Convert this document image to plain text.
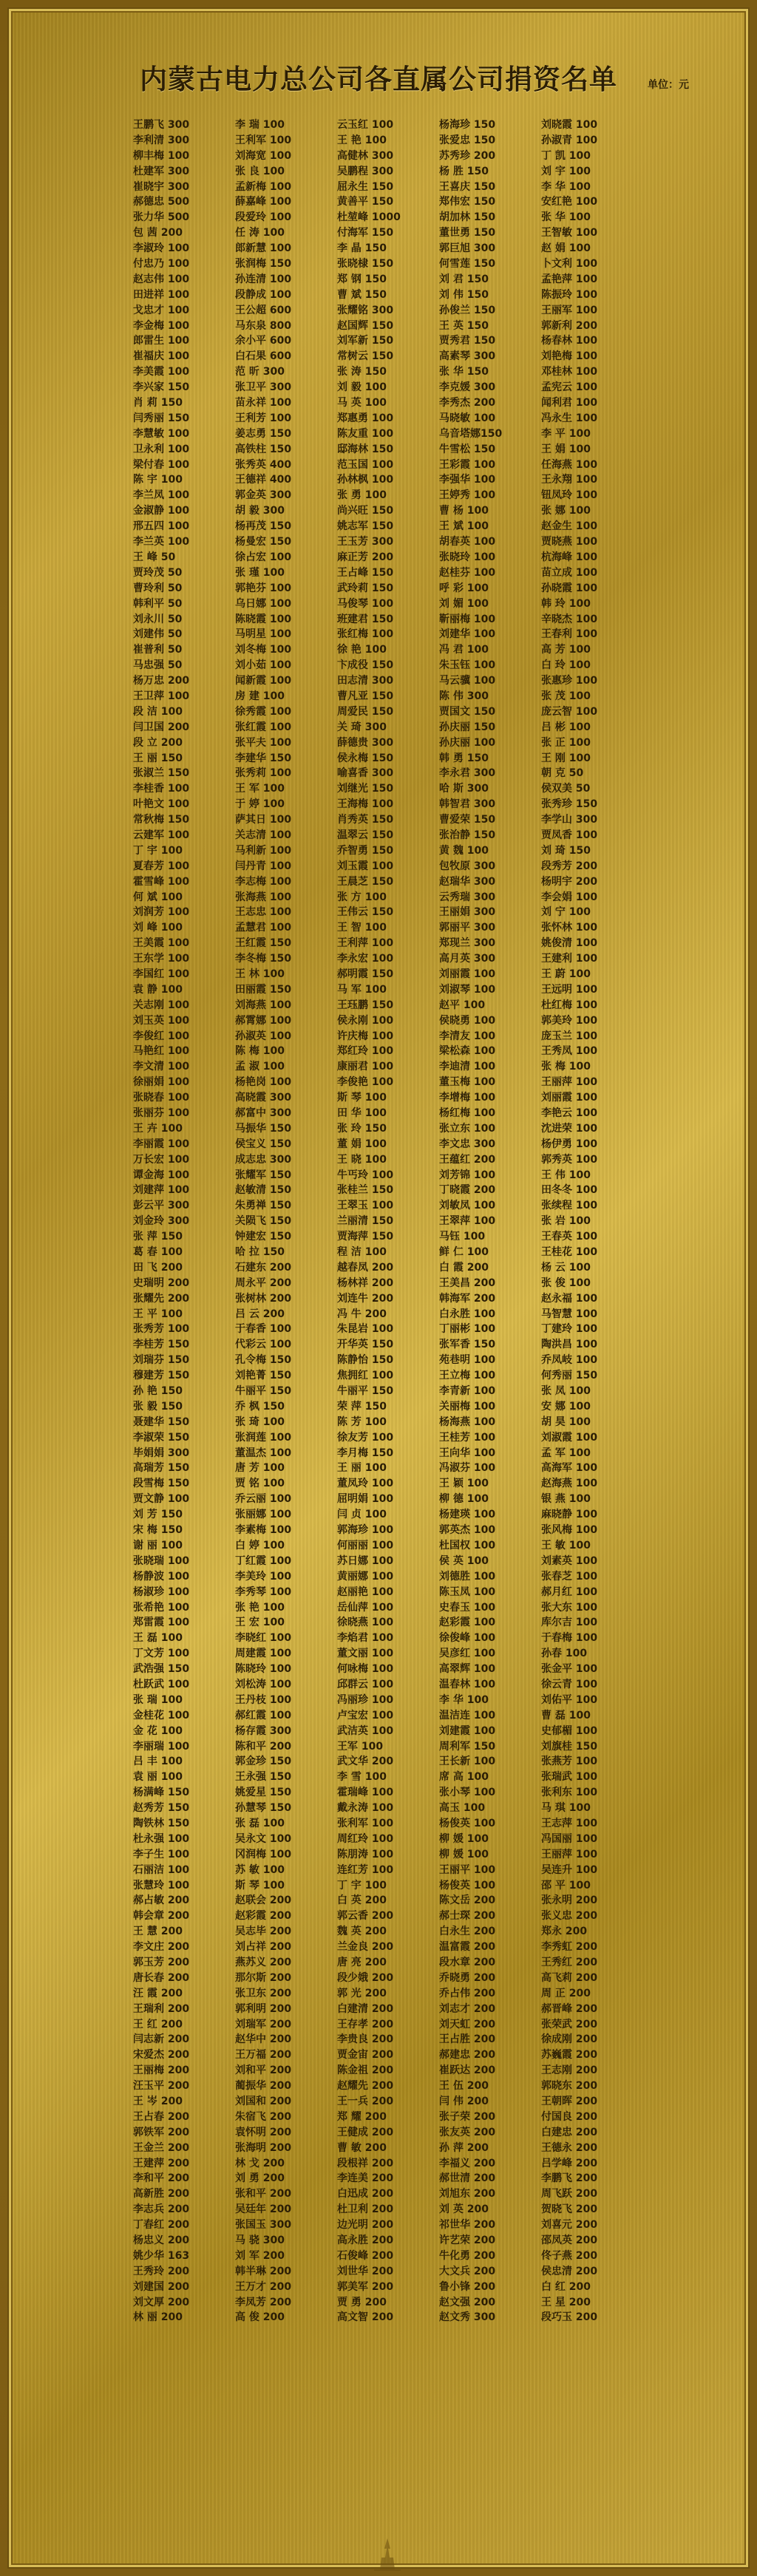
内蒙古电力总公司各直属公司捐资名单	单位：元
王鹏飞 300	李 瑞 100	云玉红 100	杨海珍 150	刘晓霞 100
李利清 300	王利军 100	王 艳 100	张爱忠 150	孙淑青 100
柳丰梅 100	刘海宽 100	高健林 300	苏秀珍 200	丁 凯 100
杜建军 300	张 良 100	吴鹏程 300	杨 胜 150	刘 宇 100
崔晓宇 300	孟新梅 100	屈永生 150	王喜庆 150	李 华 100
郝德忠 500	薛嘉峰 100	黄善平 150	郑伟宏 150	安红艳 100
张力华 500	段爱玲 100	杜堃峰 1000	胡加林 150	张 华 100
包 茜 200	任 涛 100	付海军 150	董世勇 150	王智敏 100
李淑玲 100	郎新慧 100	李 晶 150	郭巨旭 300	赵 娟 100
付忠乃 100	张润梅 150	张晓棣 150	何雪莲 150	卜文利 100
赵志伟 100	孙连清 100	郑 钢 150	刘 君 150	孟艳萍 100
田进祥 100	段静成 100	曹 斌 150	刘 伟 150	陈振玲 100
戈忠才 100	王公超 600	张耀铭 300	孙俊兰 150	王丽军 100
李金梅 100	马东泉 800	赵国辉 150	王 英 150	郭新利 200
郎雷生 100	余小平 600	刘军新 150	贾秀君 150	杨春林 100
崔福庆 100	白石果 600	常树云 150	高素琴 300	刘艳梅 100
李美霞 100	范 昕 300	张 涛 150	张 华 150	邓桂林 100
李兴家 150	张卫平 300	刘 毅 100	李克媛 300	孟宪云 100
肖 莉 150	苗永祥 100	马 英 100	李秀杰 200	闻利君 100
闫秀丽 150	王利芳 100	郑惠勇 100	马晓敏 100	冯永生 100
李慧敏 100	姜志勇 150	陈友重 100	乌音塔娜150	李 平 100
卫永利 100	高铁柱 150	邸海林 150	牛雪松 150	王 娟 100
梁付春 100	张秀英 400	范玉国 100	王彩霞 100	任海燕 100
陈 宇 100	王德祥 400	孙林枫 100	李强华 100	王永翔 100
李兰凤 100	郭金英 300	张 勇 100	王婷秀 100	钮凤玲 100
金淑静 100	胡 毅 300	尚兴旺 150	曹 杨 100	张 娜 100
邢五四 100	杨再茂 150	姚志军 150	王 斌 100	赵金生 100
李兰英 100	杨曼宏 150	王玉芳 300	胡春英 100	贾晓燕 100
王 峰 50	徐占宏 100	麻正芳 200	张晓玲 100	杭海峰 100
贾玲茂 50	张 瑾 100	王占峰 150	赵桂芬 100	苗立成 100
曹玲利 50	郭艳芬 100	武玲莉 150	呼 彩 100	孙晓霞 100
韩利平 50	乌日娜 100	马俊琴 100	刘 媚 100	韩 玲 100
刘永川 50	陈晓霞 100	班建君 150	靳丽梅 100	辛晓杰 100
刘建伟 50	马明星 100	张红梅 100	刘建华 100	王春利 100
崔普利 50	刘冬梅 100	徐 艳 100	冯 君 100	高 芳 100
马忠强 50	刘小茹 100	卞成役 150	朱玉钰 100	白 玲 100
杨万忠 200	闻新霞 100	田志清 300	马云骥 100	张惠珍 100
王卫萍 100	房 建 100	曹凡亚 150	陈 伟 300	张 茂 100
段 洁 100	徐秀霞 100	周爱民 150	贾国文 150	庞云智 100
闫卫国 200	张红霞 100	关 琦 300	孙庆丽 150	吕 彬 100
段 立 200	张平夫 100	薛德贵 300	孙庆丽 100	张 正 100
王 丽 150	李建华 150	侯永梅 150	韩 勇 150	王 刚 100
张淑兰 150	张秀莉 100	喻喜香 300	李永君 300	朝 克 50
李桂香 100	王 军 100	刘继光 150	哈 斯 300	侯双美 50
叶艳文 100	于 婷 100	王海梅 100	韩智君 300	张秀珍 150
常秋梅 150	萨其日 100	肖秀英 150	曹爱荣 150	李学山 300
云建军 100	关志清 100	温翠云 150	张治静 150	贾凤香 100
丁 宇 100	马利新 100	乔智勇 150	黄 魏 100	刘 琦 150
夏春芳 100	闫丹青 100	刘玉霞 100	包牧原 300	段秀芳 200
霍雪峰 100	李志梅 100	王晨芝 150	赵瑞华 300	杨明宇 200
何 斌 100	张海燕 100	张 方 100	云秀瑞 300	李会娟 100
刘润芳 100	王志忠 100	王伟云 150	王丽娟 300	刘 宁 100
刘 峰 100	孟慧君 100	王 智 100	郭丽平 300	张怀林 100
王美霞 100	王红霞 150	王利萍 100	郑现兰 300	姚俊清 100
王东学 100	李冬梅 150	李永宏 100	高月英 300	王建利 100
李国红 100	王 林 100	郝明霞 150	刘丽霞 100	王 蔚 100
袁 静 100	田丽霞 150	马 军 100	刘淑琴 100	王远明 100
关志刚 100	刘海燕 100	王珏鹏 150	赵平 100	杜红梅 100
刘玉英 100	郝霄娜 100	侯永刚 100	侯晓勇 100	郭美玲 100
李俊红 100	孙淑英 100	许庆梅 100	李清友 100	庞玉兰 100
马艳红 100	陈 梅 100	郑红玲 100	梁松森 100	王秀凤 100
李文清 100	孟 淑 100	康丽君 100	李迪清 100	张 梅 100
徐丽娟 100	杨艳岗 100	李俊艳 100	董玉梅 100	王丽萍 100
张晓春 100	高晓霞 300	斯 琴 100	李增梅 100	刘丽霞 100
张丽芬 100	郝富中 300	田 华 100	杨红梅 100	李艳云 100
王 卉 100	马振华 150	张 玲 150	张立东 100	沈进荣 100
李丽霞 100	侯宝义 150	董 娟 100	李文忠 300	杨伊勇 100
万长宏 100	成志忠 300	王 晓 100	王蕴红 200	郭秀英 100
谭金海 100	张耀军 150	牛丐玲 100	刘芳锦 100	王 伟 100
刘建萍 100	赵敏清 150	张桂兰 150	丁晓霞 200	田冬冬 100
彭云平 300	朱勇禅 150	王翠玉 100	刘敏凤 100	张续程 100
刘金玲 300	关陨飞 150	兰丽清 150	王翠萍 100	张 岩 100
张 萍 150	钟建宏 150	贾海萍 150	马钰 100	王春英 100
葛 春 100	哈 拉 150	程 洁 100	鲜 仁 100	王桂花 100
田 飞 200	石建东 200	越春凤 200	白 霞 200	杨 云 100
史瑞明 200	周永平 200	杨林祥 200	王美昌 200	张 俊 100
张耀先 200	张树林 200	刘连牛 200	韩海军 200	赵永福 100
王 平 100	吕 云 200	冯 牛 200	白永胜 100	马智慧 100
张秀芳 100	于春香 100	朱昆岩 100	丁丽彬 100	丁建玲 100
李桂芳 150	代彩云 100	开华英 150	张军香 150	陶洪昌 100
刘瑞芬 150	孔令梅 150	陈静怡 150	苑巷明 100	乔凤岐 100
穆建芳 150	刘艳菁 150	焦拥红 100	王立梅 100	何秀丽 150
孙 艳 150	牛丽平 150	牛丽平 150	李青新 100	张 凤 100
张 毅 150	乔 枫 150	荣 萍 150	关丽梅 100	安 娜 100
聂建华 150	张 琦 100	陈 芳 100	杨海燕 100	胡 昊 100
李淑荣 150	张润莲 100	徐友芳 100	王桂芳 100	刘淑霞 100
毕娟娟 300	董温杰 100	李月梅 150	王向华 100	孟 军 100
高瑞芳 150	唐 芳 100	王 丽 100	冯淑芬 100	高海军 100
段雪梅 150	贾 铭 100	董凤玲 100	王 颖 100	赵海燕 100
贾文静 100	乔云丽 100	屈明娟 100	柳 德 100	银 燕 100
刘 芳 150	张丽娜 100	闫 贞 100	杨建瑛 100	麻晓静 100
宋 梅 150	李素梅 100	郭海珍 100	郭英杰 100	张风梅 100
谢 丽 100	白 婷 100	何丽丽 100	杜国权 100	王 敏 100
张晓瑞 100	丁红霞 100	苏日娜 100	侯 英 100	刘素英 100
杨静波 100	李美玲 100	黄丽娜 100	刘德胜 100	张春芝 100
杨淑珍 100	李秀琴 100	赵丽艳 100	陈玉凤 100	郝月红 100
张希艳 100	张 艳 100	岳仙萍 100	史春玉 100	张大东 100
郑雷霞 100	王 宏 100	徐晓燕 100	赵彩霞 100	库尔吉 100
王 磊 100	李晓红 100	李焰君 100	徐俊峰 100	于春梅 100
丁文芳 100	周建霞 100	董文丽 100	吴彦红 100	孙春 100
武浩强 150	陈晓玲 100	何咏梅 100	高翠辉 100	张金平 100
杜跃武 100	刘松涛 100	邱群云 100	温春林 100	徐云青 100
张 瑞 100	王丹枝 100	冯丽珍 100	李 华 100	刘佑平 100
金桂花 100	郝红霞 100	卢宝宏 100	温洁连 100	曹 磊 100
金 花 100	杨存霞 300	武洁英 100	刘建霞 100	史郁楣 100
李丽瑞 100	陈和平 200	王军 100	周利军 150	刘旗桂 150
吕 丰 100	郭金珍 150	武文华 200	王长新 100	张燕芳 100
袁 丽 100	王永强 150	李 雪 100	席 高 100	张瑞武 100
杨满峰 150	姚爱星 150	霍瑞峰 100	张小琴 100	张利东 100
赵秀芳 150	孙慧琴 150	戴永涛 100	高玉 100	马 琪 100
陶铁林 150	张 磊 100	张利军 100	杨俊英 100	王志萍 100
杜永强 100	吴永文 100	周红玲 100	柳 媛 100	冯国丽 100
李子生 100	冈润梅 100	陈朋涛 100	柳 媛 100	王丽萍 100
石丽洁 100	苏 敏 100	连红芳 100	王丽平 100	吴连升 100
张慧玲 100	斯 琴 100	丁 宇 100	杨俊英 100	邵 平 100
郝占敏 200	赵联会 200	白 英 200	陈文岳 200	张永明 200
韩会章 200	赵彩霞 200	郭云香 200	郝士琛 200	张义忠 200
王 慧 200	吴志毕 200	魏 英 200	白永生 200	郑永 200
李文庄 200	刘占祥 200	兰金良 200	温富霞 200	李秀虹 200
郭玉芳 200	燕苏义 200	唐 亮 200	段水章 200	王秀红 200
唐长春 200	那尔斯 200	段少娥 200	乔晓勇 200	高飞莉 200
汪 霞 200	张卫东 200	郭 光 200	乔占伟 200	周 正 200
王瑞利 200	郭利明 200	白建清 200	刘志才 200	郝晋峰 200
王 红 200	刘瑞军 200	王存孝 200	刘天虹 200	张荣武 200
闫志新 200	赵华中 200	李贵良 200	王占胜 200	徐成刚 200
宋爱杰 200	王万福 200	贾金宙 200	郝建忠 200	苏巍霞 200
王丽梅 200	刘和平 200	陈金祖 200	崔跃达 200	王志刚 200
汪玉平 200	蔺振华 200	赵耀先 200	王 伍 200	郭晓东 200
王 岑 200	刘国和 200	王一兵 200	闫 伟 200	王朝晖 200
王占春 200	朱宿飞 200	郑 耀 200	张子荣 200	付国良 200
郭铁军 200	袁怀明 200	王健成 200	张友英 200	白建忠 200
王金兰 200	张海明 200	曹 敏 200	孙 萍 200	王德永 200
王建萍 200	林 戈 200	段根祥 200	李福义 200	吕学峰 200
李和平 200	刘 勇 200	李连美 200	郝世清 200	李鹏飞 200
高新胜 200	张和平 200	白迅成 200	刘旭东 200	周飞跃 200
李志兵 200	吴廷年 200	杜卫利 200	刘 英 200	贺晓飞 200
丁春红 200	张国玉 300	边光明 200	祁世华 200	刘喜元 200
杨忠义 200	马 骁 300	高永胜 200	许艺荣 200	邵凤英 200
姚少华 163	刘 军 200	石俊峰 200	牛化勇 200	佟子燕 200
王秀玲 200	韩半琳 200	刘世华 200	大文兵 200	侯忠清 200
刘建国 200	王万才 200	郭美军 200	鲁小锋 200	白 红 200
刘文厚 200	李凤芳 200	贾 勇 200	赵文强 200	王 星 200
林 丽 200	高 俊 200	高文智 200	赵文秀 300	段巧玉 200
